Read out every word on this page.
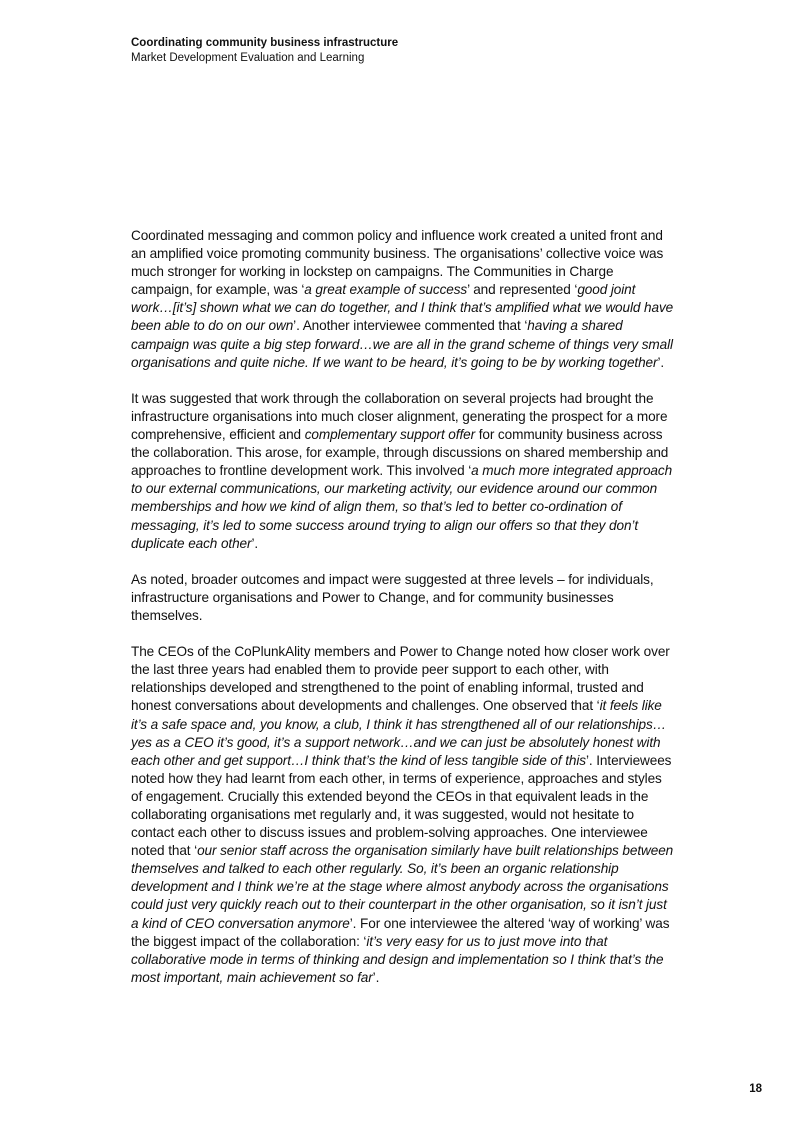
Coordinating community business infrastructure
Market Development Evaluation and Learning

Coordinated messaging and common policy and influence work created a united front and an amplified voice promoting community business. The organisations’ collective voice was much stronger for working in lockstep on campaigns. The Communities in Charge campaign, for example, was ‘a great example of success’ and represented ‘good joint work…[it’s] shown what we can do together, and I think that’s amplified what we would have been able to do on our own’. Another interviewee commented that ‘having a shared campaign was quite a big step forward…we are all in the grand scheme of things very small organisations and quite niche. If we want to be heard, it’s going to be by working together’.

It was suggested that work through the collaboration on several projects had brought the infrastructure organisations into much closer alignment, generating the prospect for a more comprehensive, efficient and complementary support offer for community business across the collaboration. This arose, for example, through discussions on shared membership and approaches to frontline development work. This involved ‘a much more integrated approach to our external communications, our marketing activity, our evidence around our common memberships and how we kind of align them, so that’s led to better co-ordination of messaging, it’s led to some success around trying to align our offers so that they don’t duplicate each other’.

As noted, broader outcomes and impact were suggested at three levels – for individuals, infrastructure organisations and Power to Change, and for community businesses themselves.

The CEOs of the CoPlunkAlity members and Power to Change noted how closer work over the last three years had enabled them to provide peer support to each other, with relationships developed and strengthened to the point of enabling informal, trusted and honest conversations about developments and challenges. One observed that ‘it feels like it’s a safe space and, you know, a club, I think it has strengthened all of our relationships…yes as a CEO it’s good, it’s a support network…and we can just be absolutely honest with each other and get support…I think that’s the kind of less tangible side of this’. Interviewees noted how they had learnt from each other, in terms of experience, approaches and styles of engagement. Crucially this extended beyond the CEOs in that equivalent leads in the collaborating organisations met regularly and, it was suggested, would not hesitate to contact each other to discuss issues and problem-solving approaches. One interviewee noted that ‘our senior staff across the organisation similarly have built relationships between themselves and talked to each other regularly. So, it’s been an organic relationship development and I think we’re at the stage where almost anybody across the organisations could just very quickly reach out to their counterpart in the other organisation, so it isn’t just a kind of CEO conversation anymore’. For one interviewee the altered ‘way of working’ was the biggest impact of the collaboration: ‘it’s very easy for us to just move into that collaborative mode in terms of thinking and design and implementation so I think that’s the most important, main achievement so far’.

18
